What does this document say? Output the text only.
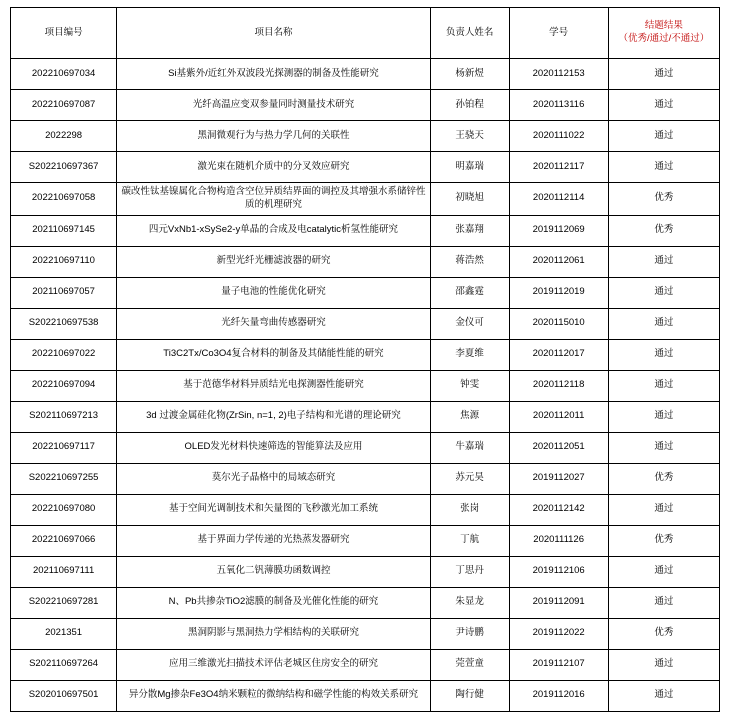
项目编号	项目名称	负责人姓名	学号	结题结果
（优秀/通过/不通过）

202210697034	Si基紫外/近红外双波段光探测器的制备及性能研究	杨新煜	2020112153	通过
202210697087	光纤高温应变双参量同时测量技术研究	孙铂程	2020113116	通过
2022298	黑洞微观行为与热力学几何的关联性	王骁天	2020111022	通过
S202210697367	激光束在随机介质中的分叉效应研究	明嘉瑞	2020112117	通过
202210697058	碳改性钛基镍属化合物构造含空位异质结界面的调控及其增强水系储锌性质的机理研究	初晓旭	2020112114	优秀
202110697145	四元VxNb1-xSySe2-y单晶的合成及电catalytic析氢性能研究	张嘉翔	2019112069	优秀
202210697110	新型光纤光栅滤波器的研究	蒋浩然	2020112061	通过
202110697057	量子电池的性能优化研究	邵鑫霆	2019112019	通过
S202210697538	光纤矢量弯曲传感器研究	金仪可	2020115010	通过
202210697022	Ti3C2Tx/Co3O4复合材料的制备及其储能性能的研究	李夏维	2020112017	通过
202210697094	基于范德华材料异质结光电探测器性能研究	钟雯	2020112118	通过
S202110697213	3d 过渡金属硅化物(ZrSin, n=1, 2)电子结构和光谱的理论研究	焦源	2020112011	通过
202210697117	OLED发光材料快速筛选的智能算法及应用	牛嘉瑞	2020112051	通过
S202210697255	莫尔光子晶格中的局域态研究	苏元昊	2019112027	优秀
202210697080	基于空间光调制技术和矢量图的飞秒激光加工系统	张岗	2020112142	通过
202210697066	基于界面力学传递的光热蒸发器研究	丁航	2020111126	优秀
202110697111	五氧化二钒薄膜功函数调控	丁思丹	2019112106	通过
S202210697281	N、Pb共掺杂TiO2滤膜的制备及光催化性能的研究	朱显龙	2019112091	通过
2021351	黑洞阴影与黑洞热力学相结构的关联研究	尹诗鹏	2019112022	优秀
S202110697264	应用三维激光扫描技术评估老城区住房安全的研究	莞萱童	2019112107	通过
S202010697501	异分散Mg掺杂Fe3O4纳米颗粒的微纳结构和磁学性能的构效关系研究	陶行健	2019112016	通过
